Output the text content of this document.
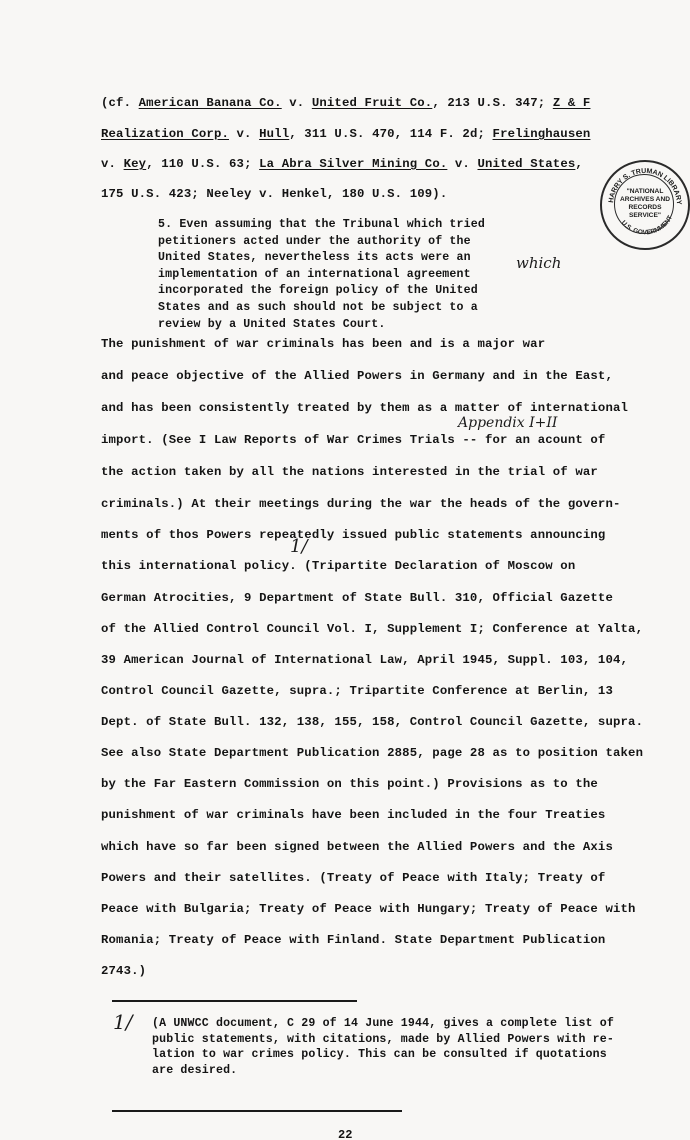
(cf. American Banana Co. v. United Fruit Co., 213 U.S. 347; Z & F
Realization Corp. v. Hull, 311 U.S. 470, 114 F. 2d; Frelinghausen
v. Key, 110 U.S. 63; La Abra Silver Mining Co. v. United States,
175 U.S. 423; Neeley v. Henkel, 180 U.S. 109).	HARRY S. TRUMAN LIBRARY
U.S. GOVERNMENT
"NATIONAL
ARCHIVES AND
RECORDS
SERVICE"
5. Even assuming that the Tribunal which tried
petitioners acted under the authority of the
United States, nevertheless its acts were an
implementation of an international agreement
incorporated the foreign policy of the United
States and as such should not be subject to a
review by a United States Court.
which
The punishment of war criminals has been and is a major war
and peace objective of the Allied Powers in Germany and in the East,
and has been consistently treated by them as a matter of international
Appendix I+II
import. (See I Law Reports of War Crimes Trials -- for an acount of
the action taken by all the nations interested in the trial of war
criminals.) At their meetings during the war the heads of the govern-
ments of thos Powers repeatedly issued public statements announcing
this international policy. (Tripartite Declaration of Moscow on
1/
German Atrocities, 9 Department of State Bull. 310, Official Gazette
of the Allied Control Council Vol. I, Supplement I; Conference at Yalta,
39 American Journal of International Law, April 1945, Suppl. 103, 104,
Control Council Gazette, supra.; Tripartite Conference at Berlin, 13
Dept. of State Bull. 132, 138, 155, 158, Control Council Gazette, supra.
See also State Department Publication 2885, page 28 as to position taken
by the Far Eastern Commission on this point.) Provisions as to the
punishment of war criminals have been included in the four Treaties
which have so far been signed between the Allied Powers and the Axis
Powers and their satellites. (Treaty of Peace with Italy; Treaty of
Peace with Bulgaria; Treaty of Peace with Hungary; Treaty of Peace with
Romania; Treaty of Peace with Finland. State Department Publication
2743.)
1/ (A UNWCC document, C 29 of 14 June 1944, gives a complete list of
public statements, with citations, made by Allied Powers with re-
lation to war crimes policy. This can be consulted if quotations
are desired.
22
